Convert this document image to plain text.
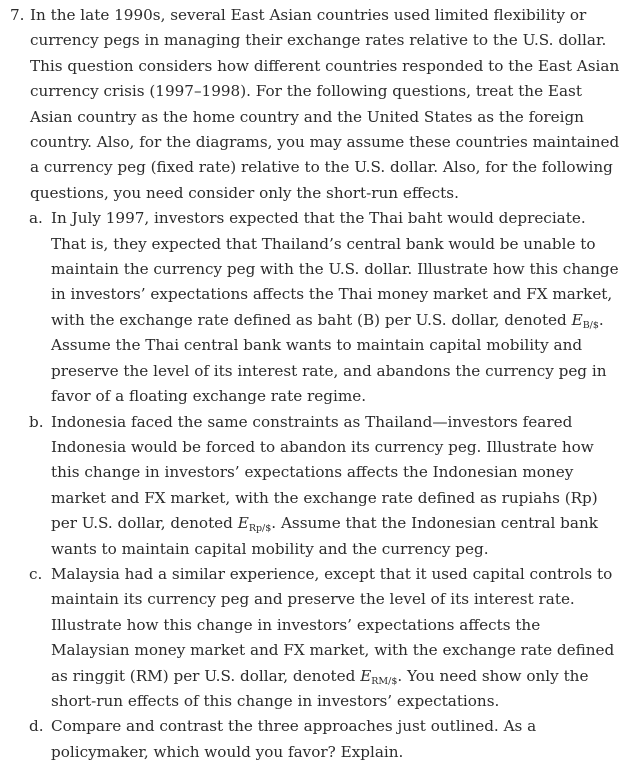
7. In the late 1990s, several East Asian countries used limited flexibility or currency pegs in managing their exchange rates relative to the U.S. dollar. This question considers how different countries responded to the East Asian currency crisis (1997–1998). For the following questions, treat the East Asian country as the home country and the United States as the foreign country. Also, for the diagrams, you may assume these countries maintained a currency peg (fixed rate) relative to the U.S. dollar. Also, for the following questions, you need consider only the short-run effects.

a. In July 1997, investors expected that the Thai baht would depreciate. That is, they expected that Thailand’s central bank would be unable to maintain the currency peg with the U.S. dollar. Illustrate how this change in investors’ expectations affects the Thai money market and FX market, with the exchange rate defined as baht (B) per U.S. dollar, denoted $E_{B/\$}$. Assume the Thai central bank wants to maintain capital mobility and preserve the level of its interest rate, and abandons the currency peg in favor of a floating exchange rate regime.
b. Indonesia faced the same constraints as Thailand—investors feared Indonesia would be forced to abandon its currency peg. Illustrate how this change in investors’ expectations affects the Indonesian money market and FX market, with the exchange rate defined as rupiahs (Rp) per U.S. dollar, denoted $E_{Rp/\$}$. Assume that the Indonesian central bank wants to maintain capital mobility and the currency peg.
c. Malaysia had a similar experience, except that it used capital controls to maintain its currency peg and preserve the level of its interest rate. Illustrate how this change in investors’ expectations affects the Malaysian money market and FX market, with the exchange rate defined as ringgit (RM) per U.S. dollar, denoted $E_{RM/\$}$. You need show only the short-run effects of this change in investors’ expectations.
d. Compare and contrast the three approaches just outlined. As a policymaker, which would you favor? Explain.
